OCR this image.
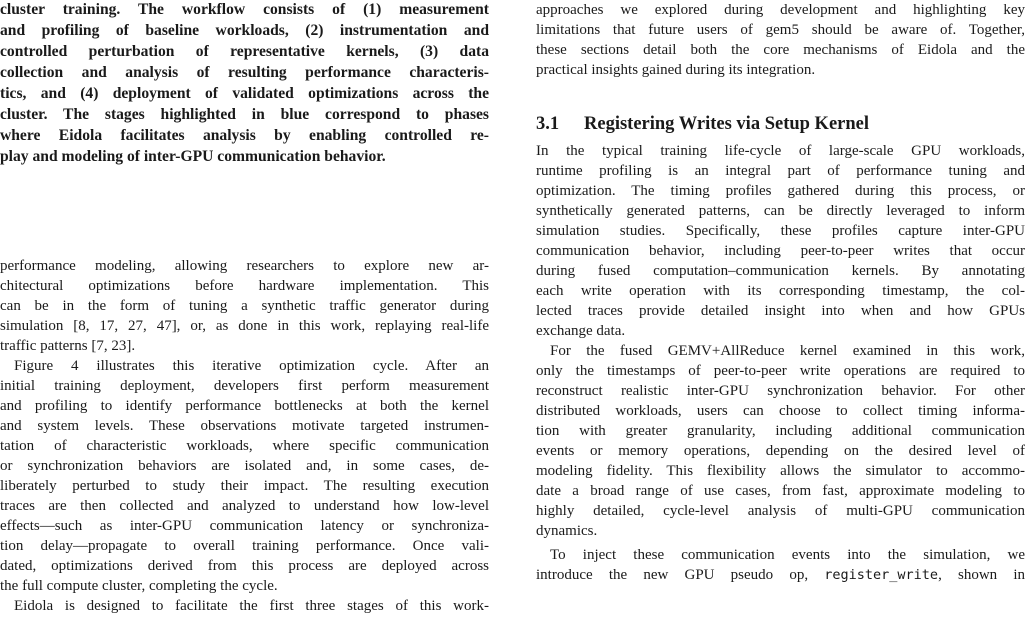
cluster training. The workflow consists of (1) measurement
and profiling of baseline workloads, (2) instrumentation and
controlled perturbation of representative kernels, (3) data
collection and analysis of resulting performance characteris-
tics, and (4) deployment of validated optimizations across the
cluster. The stages highlighted in blue correspond to phases
where Eidola facilitates analysis by enabling controlled re-
play and modeling of inter-GPU communication behavior.
performance modeling, allowing researchers to explore new ar-
chitectural optimizations before hardware implementation. This
can be in the form of tuning a synthetic traffic generator during
simulation [8, 17, 27, 47], or, as done in this work, replaying real-life
traffic patterns [7, 23].
Figure 4 illustrates this iterative optimization cycle. After an
initial training deployment, developers first perform measurement
and profiling to identify performance bottlenecks at both the kernel
and system levels. These observations motivate targeted instrumen-
tation of characteristic workloads, where specific communication
or synchronization behaviors are isolated and, in some cases, de-
liberately perturbed to study their impact. The resulting execution
traces are then collected and analyzed to understand how low-level
effects—such as inter-GPU communication latency or synchroniza-
tion delay—propagate to overall training performance. Once vali-
dated, optimizations derived from this process are deployed across
the full compute cluster, completing the cycle.
Eidola is designed to facilitate the first three stages of this work-
approaches we explored during development and highlighting key
limitations that future users of gem5 should be aware of. Together,
these sections detail both the core mechanisms of Eidola and the
practical insights gained during its integration.
3.1 Registering Writes via Setup Kernel
In the typical training life-cycle of large-scale GPU workloads,
runtime profiling is an integral part of performance tuning and
optimization. The timing profiles gathered during this process, or
synthetically generated patterns, can be directly leveraged to inform
simulation studies. Specifically, these profiles capture inter-GPU
communication behavior, including peer-to-peer writes that occur
during fused computation–communication kernels. By annotating
each write operation with its corresponding timestamp, the col-
lected traces provide detailed insight into when and how GPUs
exchange data.
For the fused GEMV+AllReduce kernel examined in this work,
only the timestamps of peer-to-peer write operations are required to
reconstruct realistic inter-GPU synchronization behavior. For other
distributed workloads, users can choose to collect timing informa-
tion with greater granularity, including additional communication
events or memory operations, depending on the desired level of
modeling fidelity. This flexibility allows the simulator to accommo-
date a broad range of use cases, from fast, approximate modeling to
highly detailed, cycle-level analysis of multi-GPU communication
dynamics.
To inject these communication events into the simulation, we
introduce the new GPU pseudo op, register_write, shown in
